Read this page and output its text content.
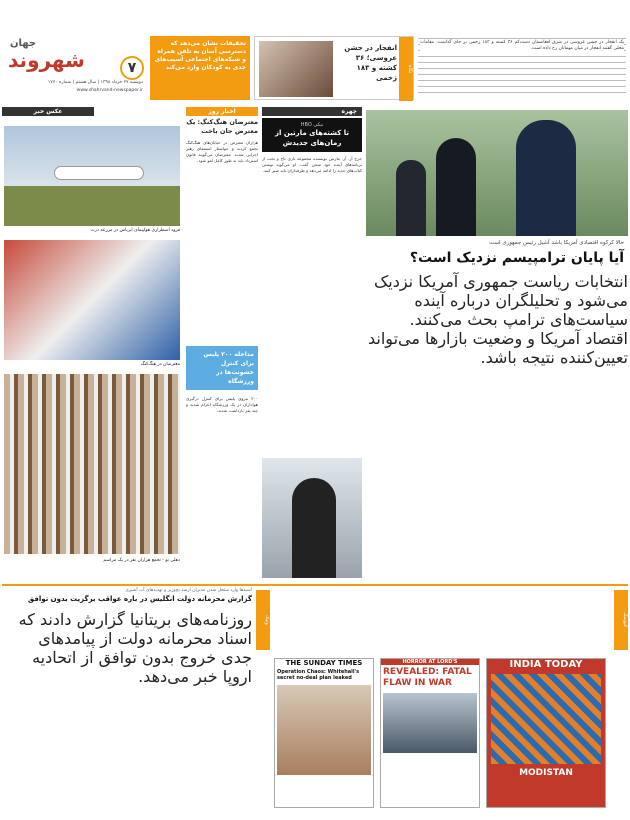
جهان
شهروند
دوشنبه ۲۷ خرداد ۱۳۹۸ | سال هشتم | شماره ۱۷۷۰
www.shahrvand-newspaper.ir
۷
تحقیقات نشان می‌دهد که دسترسی آسان به تلفن همراه و شبکه‌های اجتماعی آسیب‌های جدی به کودکان وارد می‌کند	نگاه
انفجار در جشن عروسی؛ ۳۶ کشته و ۱۸۳ زخمی
یک انفجار در جشن عروسی در شرق افغانستان دست‌کم ۳۶ کشته و ۱۸۳ زخمی بر جای گذاشت. مقامات محلی گفتند انفجار در میان مهمانان رخ داده است.
عکس خبر	اخبار روز	چهره
فرود اضطراری هواپیمای ایرباس در مزرعه ذرت
معترضان در هنگ‌کنگ
دهلی نو - تجمع هزاران نفر در یک مراسم
معترضان هنگ‌کنگ: یک معترض جان باخت
هزاران معترض در خیابان‌های هنگ‌کنگ تجمع کردند و خواستار استعفای رهبر اجرایی شدند. معترضان می‌گویند قانون استرداد باید به طور کامل لغو شود.
مداخله ۲۰۰ پلیس برای کنترل خشونت‌ها در ورزشگاه
۲۰۰ نیروی پلیس برای کنترل درگیری هواداران در یک ورزشگاه اعزام شدند و چند نفر بازداشت شدند.
نیکی HBO
تا کشته‌های مارتین از رمان‌های جدیدش
جرج آر. آر. مارتین نویسنده مجموعه بازی تاج و تخت از برنامه‌های آینده خود سخن گفت. او می‌گوید نوشتن کتاب‌های جدید را ادامه می‌دهد و طرفداران باید صبر کنند.
حالا کرکوه اقتصادی آمریکا باشد آشیل رئیس جمهوری است
آیا پایان ترامپیسم نزدیک است؟
انتخابات ریاست جمهوری آمریکا نزدیک می‌شود و تحلیلگران درباره آینده سیاست‌های ترامپ بحث می‌کنند. اقتصاد آمریکا و وضعیت بازارها می‌تواند تعیین‌کننده نتیجه باشد.
کیوسک
ونیک
گزارش محرمانه دولت انگلیس در باره عواقب برگزیت بدون توافق
اسیدها وارد ستخل شدن مدیران ارشد نخ‌وزیر و تهدیدهای آب آشپزی
روزنامه‌های بریتانیا گزارش دادند که اسناد محرمانه دولت از پیامدهای جدی خروج بدون توافق از اتحادیه اروپا خبر می‌دهد.
THE SUNDAY TIMES
Operation Chaos: Whitehall's secret no-deal plan leaked
HORROR AT LORD'S
REVEALED: FATAL FLAW IN WAR
INDIA TODAY
MODISTAN
